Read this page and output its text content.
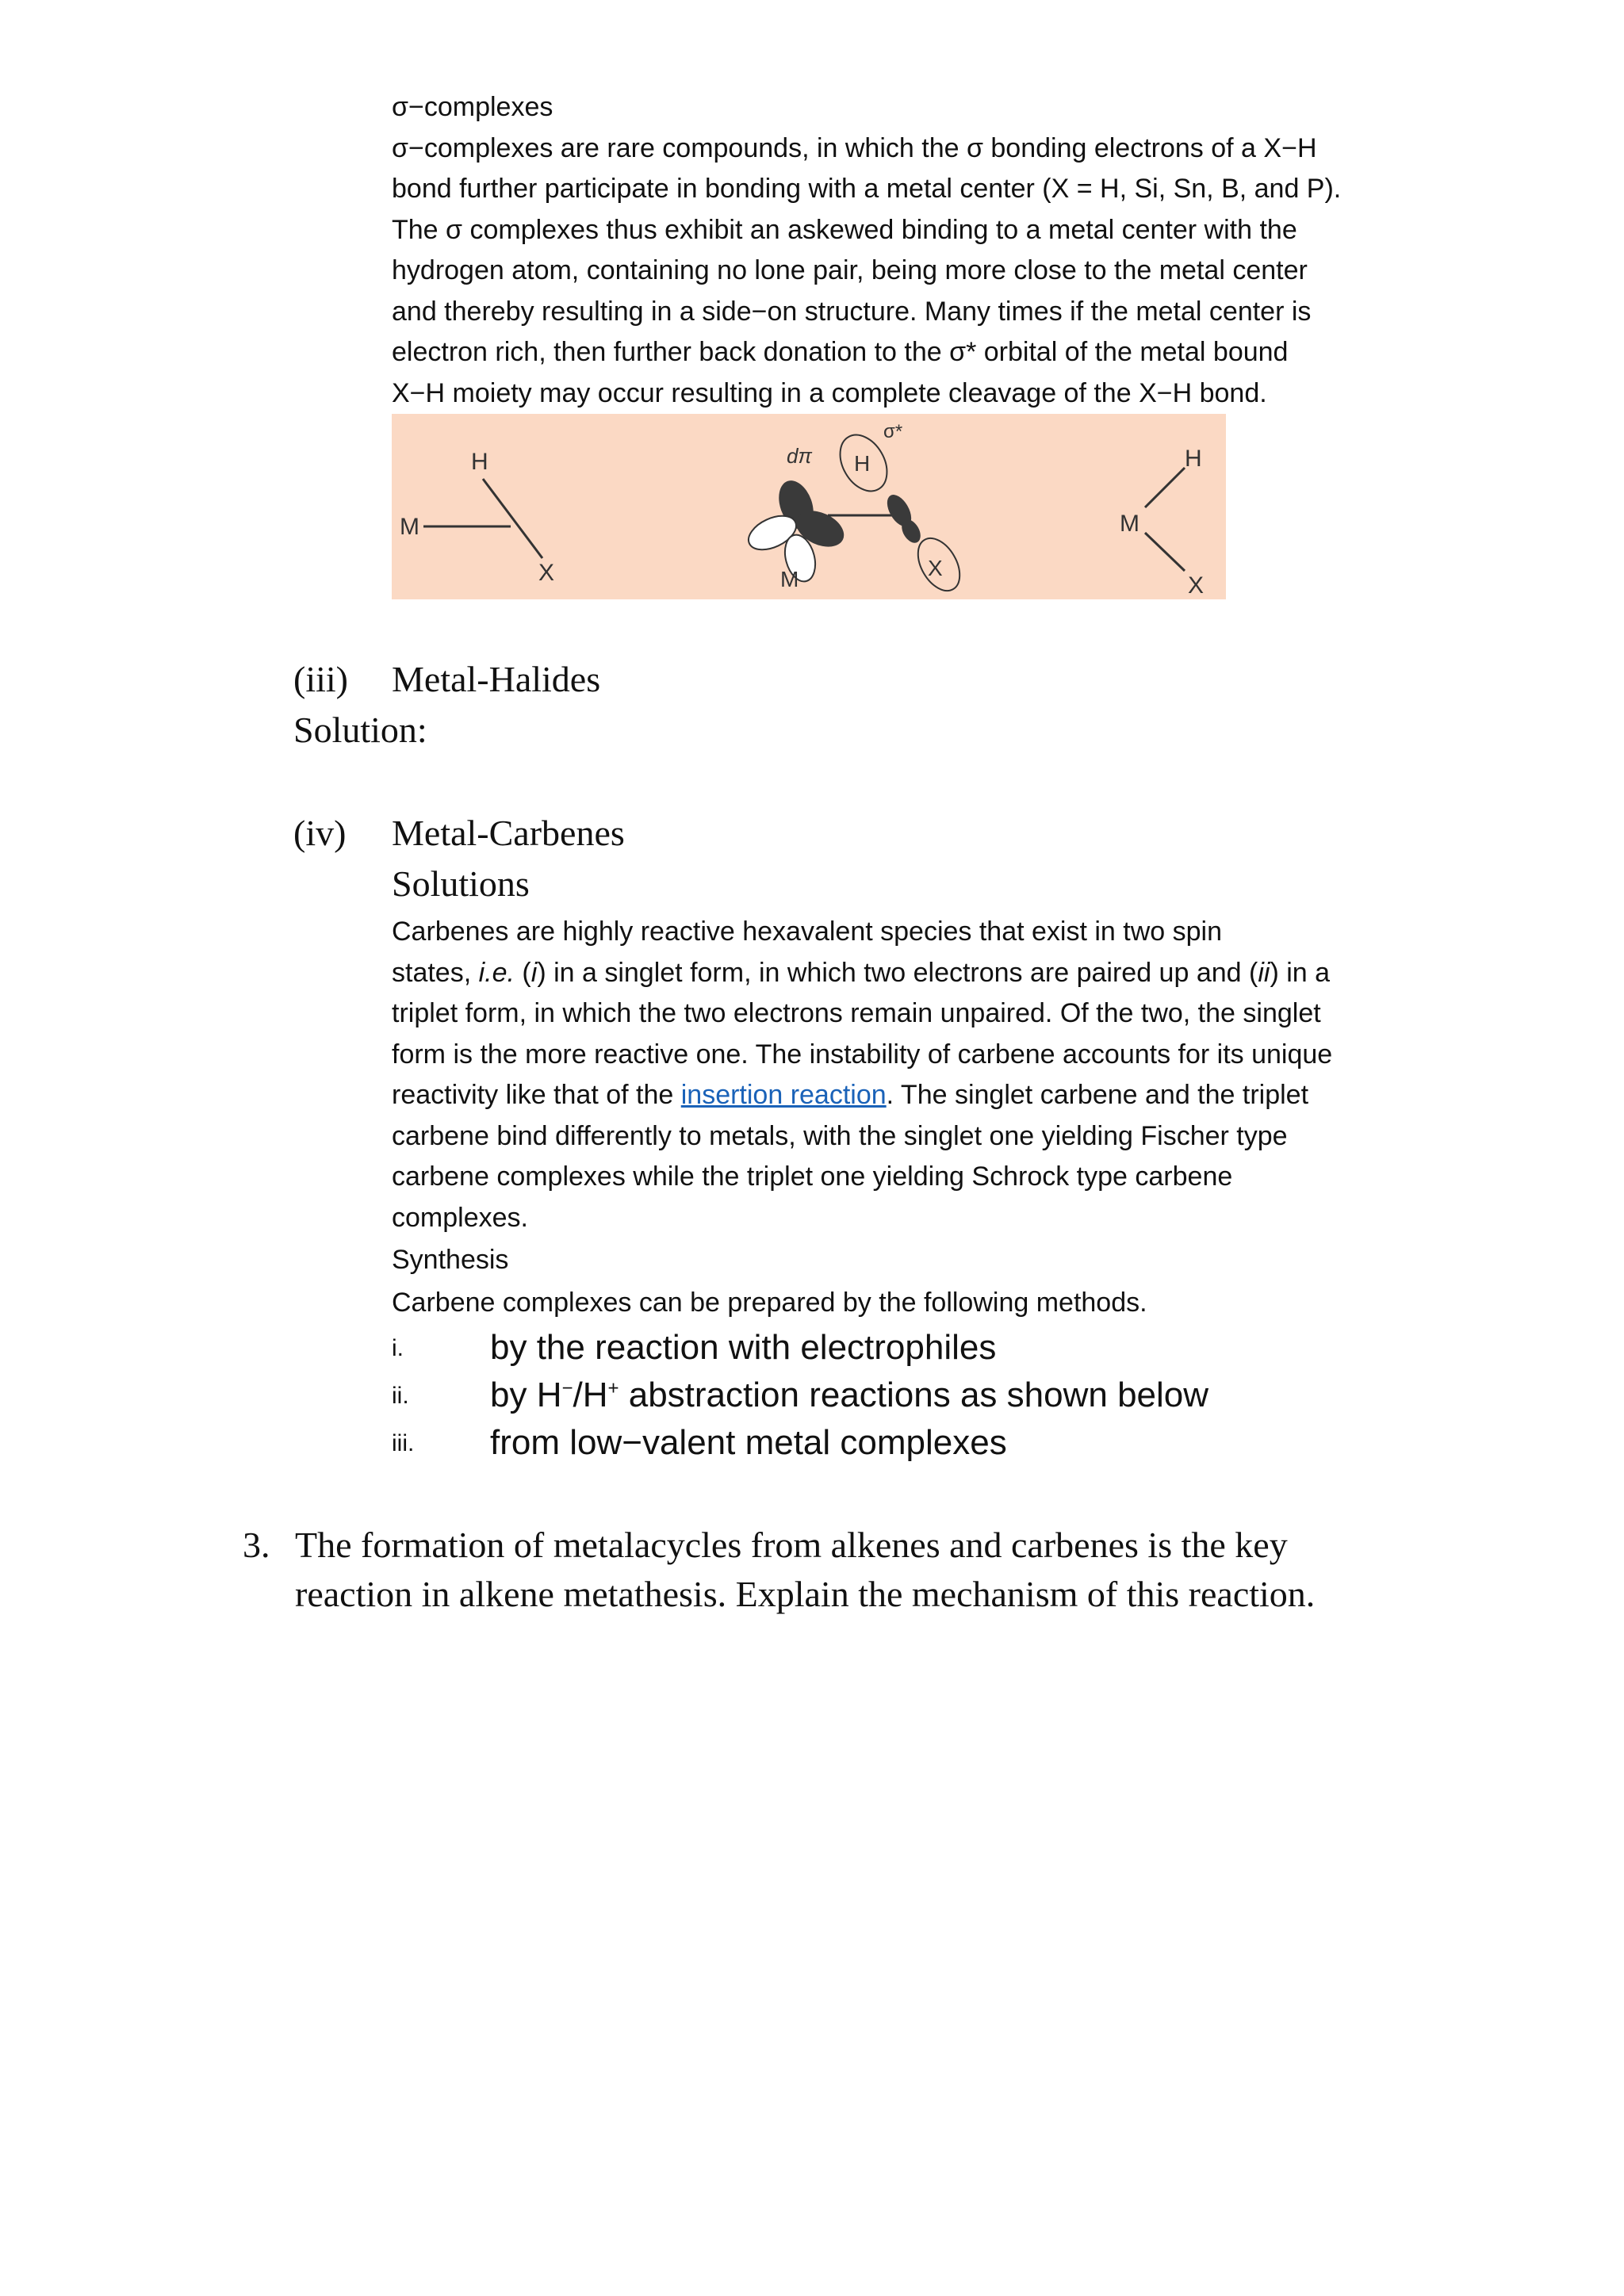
σ−complexes

σ−complexes are rare compounds, in which the σ bonding electrons of a X−H

bond further participate in bonding with a metal center (X = H, Si, Sn, B, and P).

The σ complexes thus exhibit an askewed binding to a metal center with the

hydrogen atom, containing no lone pair, being more close to the metal center

and thereby resulting in a side−on structure. Many times if the metal center is

electron rich, then further back donation to the σ* orbital of the metal bound

X−H moiety may occur resulting in a complete cleavage of the X−H bond.

M
H
X
dπ
σ*
H
M	X
M
H
X
(iii) Metal-Halides
Solution:
(iv) Metal-Carbenes
Solutions

Carbenes are highly reactive hexavalent species that exist in two spin

states, i.e. (i) in a singlet form, in which two electrons are paired up and (ii) in a

triplet form, in which the two electrons remain unpaired. Of the two, the singlet

form is the more reactive one. The instability of carbene accounts for its unique

reactivity like that of the insertion reaction. The singlet carbene and the triplet

carbene bind differently to metals, with the singlet one yielding Fischer type

carbene complexes while the triplet one yielding Schrock type carbene

complexes.

Synthesis

Carbene complexes can be prepared by the following methods.

i. by the reaction with electrophiles
ii. by H−/H+ abstraction reactions as shown below
iii. from low−valent metal complexes
3. The formation of metalacycles from alkenes and carbenes is the key
reaction in alkene metathesis. Explain the mechanism of this reaction.
